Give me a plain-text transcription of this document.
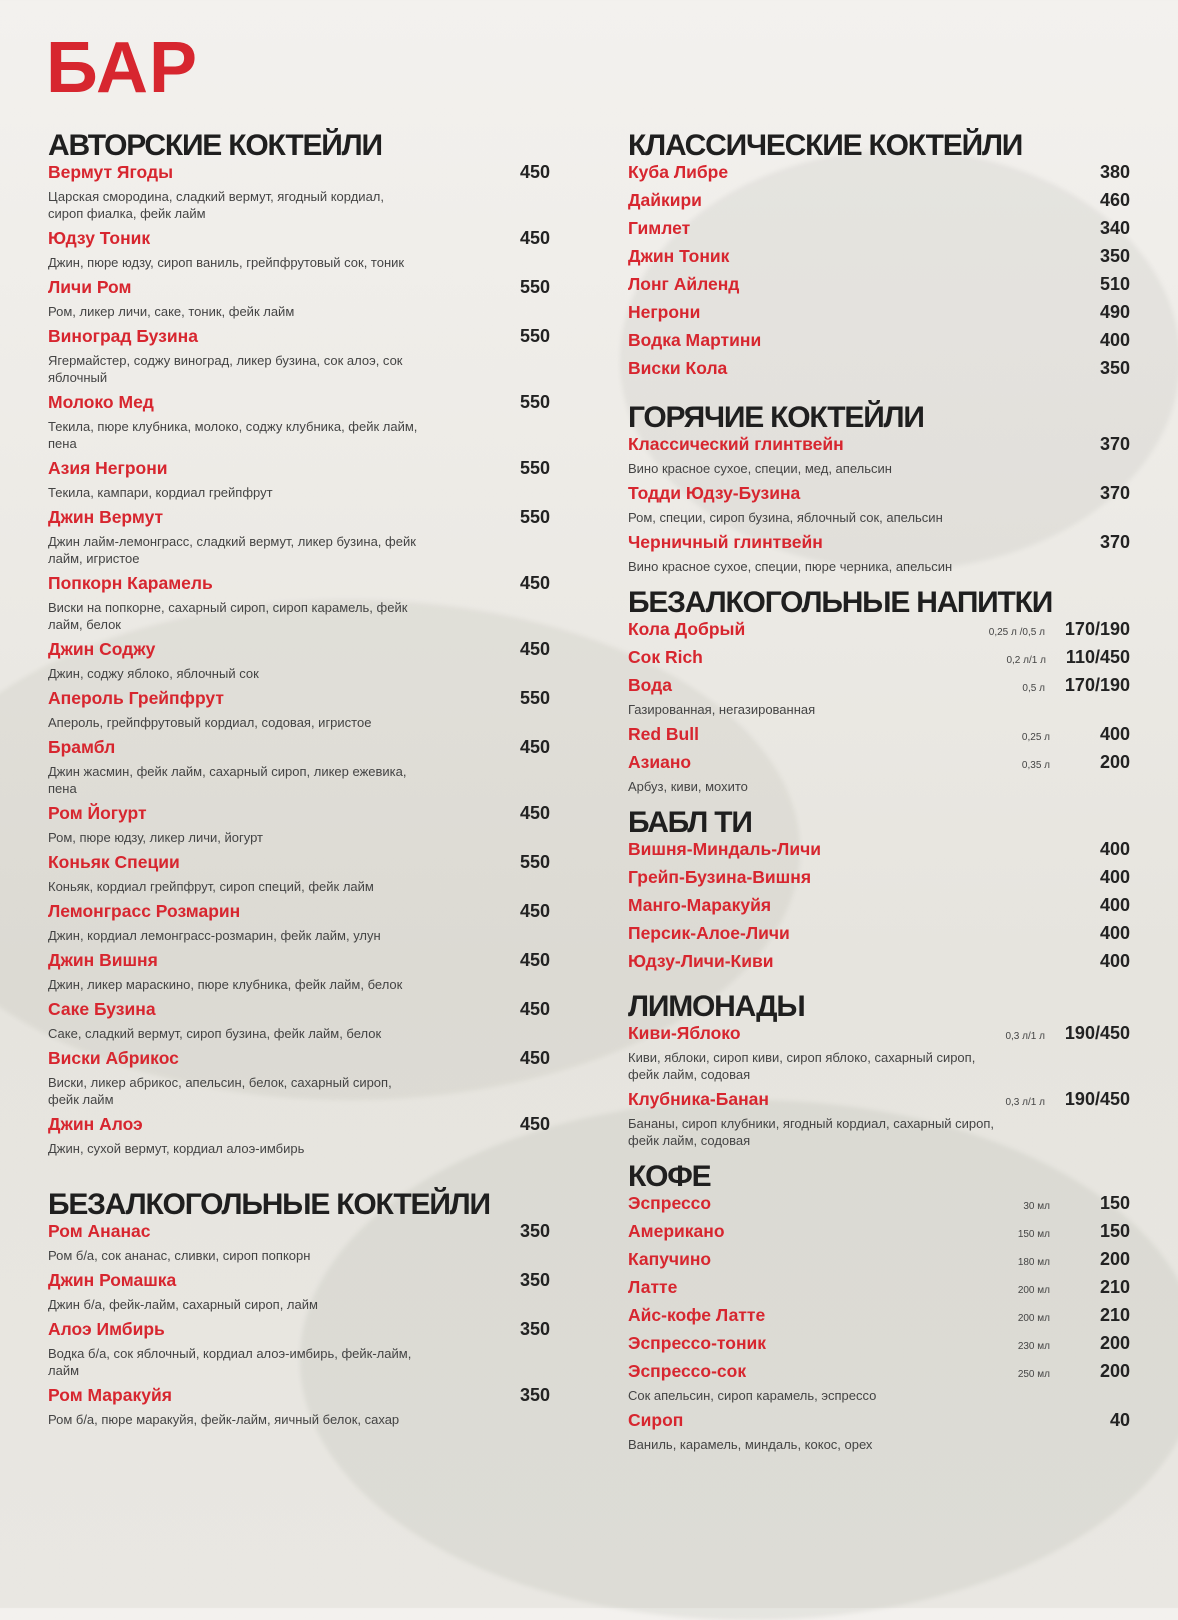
БАР
АВТОРСКИЕ КОКТЕЙЛИ
Вермут Ягоды	450
Царская смородина, сладкий вермут, ягодный кордиал, сироп фиалка, фейк лайм
Юдзу Тоник	450
Джин, пюре юдзу, сироп ваниль, грейпфрутовый сок, тоник
Личи Ром	550
Ром, ликер личи, саке, тоник, фейк лайм
Виноград Бузина	550
Ягермайстер, соджу виноград, ликер бузина, сок алоэ, сок яблочный
Молоко Мед	550
Текила, пюре клубника, молоко, соджу клубника, фейк лайм, пена
Азия Негрони	550
Текила, кампари, кордиал грейпфрут
Джин Вермут	550
Джин лайм-лемонграсс, сладкий вермут, ликер бузина, фейк лайм, игристое
Попкорн Карамель	450
Виски на попкорне, сахарный сироп, сироп карамель, фейк лайм, белок
Джин Соджу	450
Джин, соджу яблоко, яблочный сок
Апероль Грейпфрут	550
Апероль, грейпфрутовый кордиал, содовая, игристое
Брамбл	450
Джин жасмин, фейк лайм, сахарный сироп, ликер ежевика, пена
Ром Йогурт	450
Ром, пюре юдзу, ликер личи, йогурт
Коньяк Специи	550
Коньяк, кордиал грейпфрут, сироп специй, фейк лайм
Лемонграсс Розмарин	450
Джин, кордиал лемонграсс-розмарин, фейк лайм, улун
Джин Вишня	450
Джин, ликер мараскино, пюре клубника, фейк лайм, белок
Саке Бузина	450
Саке, сладкий вермут, сироп бузина, фейк лайм, белок
Виски Абрикос	450
Виски, ликер абрикос, апельсин, белок, сахарный сироп, фейк лайм
Джин Алоэ	450
Джин, сухой вермут, кордиал алоэ-имбирь
БЕЗАЛКОГОЛЬНЫЕ КОКТЕЙЛИ
Ром Ананас	350
Ром б/а, сок ананас, сливки, сироп попкорн
Джин Ромашка	350
Джин б/а, фейк-лайм, сахарный сироп, лайм
Алоэ Имбирь	350
Водка б/а, сок яблочный, кордиал алоэ-имбирь, фейк-лайм, лайм
Ром Маракуйя	350
Ром б/а, пюре маракуйя, фейк-лайм, яичный белок, сахар
КЛАССИЧЕСКИЕ КОКТЕЙЛИ
Куба Либре	380
Дайкири	460
Гимлет	340
Джин Тоник	350
Лонг Айленд	510
Негрони	490
Водка Мартини	400
Виски Кола	350
ГОРЯЧИЕ КОКТЕЙЛИ
Классический глинтвейн	370
Вино красное сухое, специи, мед, апельсин
Тодди Юдзу-Бузина	370
Ром, специи, сироп бузина, яблочный сок, апельсин
Черничный глинтвейн	370
Вино красное сухое, специи, пюре черника, апельсин
БЕЗАЛКОГОЛЬНЫЕ НАПИТКИ
Кола Добрый	0,25 л /0,5 л 170/190
Сок Rich	0,2 л/1 л 110/450
Вода	0,5 л 170/190
Газированная, негазированная
Red Bull	0,25 л	400
Азиано	0,35 л	200
Арбуз, киви, мохито
БАБЛ ТИ
Вишня-Миндаль-Личи	400
Грейп-Бузина-Вишня	400
Манго-Маракуйя	400
Персик-Алое-Личи	400
Юдзу-Личи-Киви	400
ЛИМОНАДЫ
Киви-Яблоко	0,3 л/1 л 190/450
Киви, яблоки, сироп киви, сироп яблоко, сахарный сироп, фейк лайм, содовая
Клубника-Банан	0,3 л/1 л 190/450
Бананы, сироп клубники, ягодный кордиал, сахарный сироп, фейк лайм, содовая
КОФЕ
Эспрессо	30 мл	150
Американо	150 мл	150
Капучино	180 мл	200
Латте	200 мл	210
Айс-кофе Латте	200 мл	210
Эспрессо-тоник	230 мл	200
Эспрессо-сок	250 мл	200
Сок апельсин, сироп карамель, эспрессо
Сироп	40
Ваниль, карамель, миндаль, кокос, орех
